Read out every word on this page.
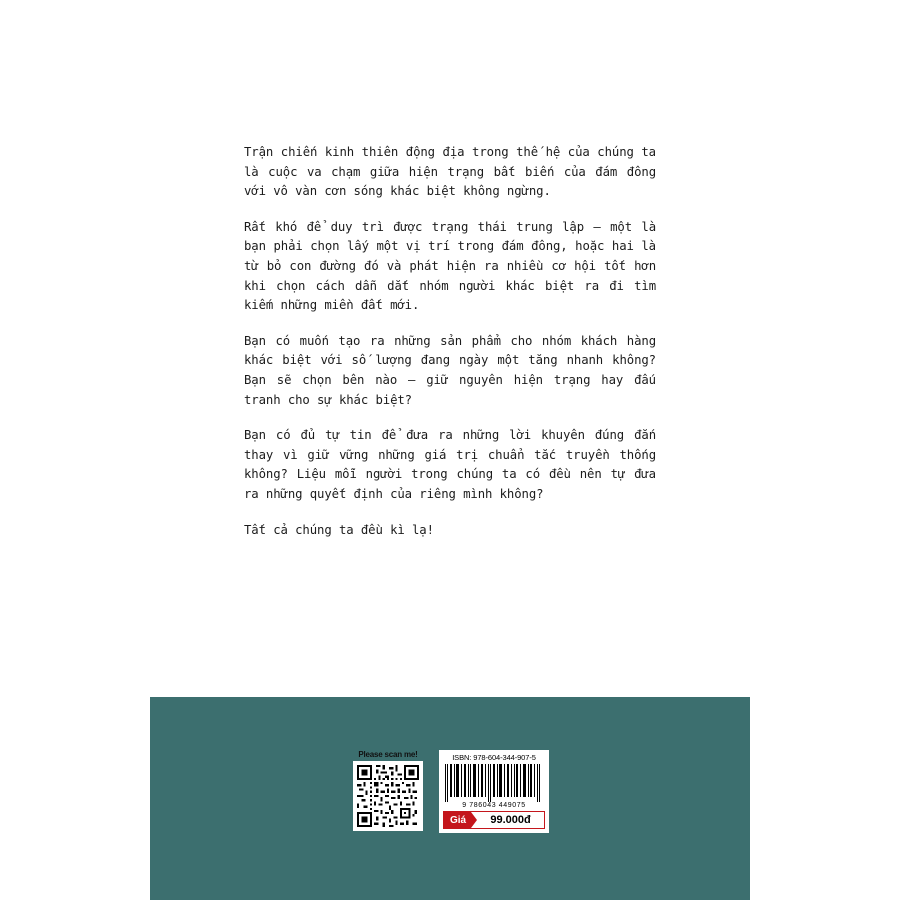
Trận chiến kinh thiên động địa trong thế hệ của chúng ta là cuộc va chạm giữa hiện trạng bất biến của đám đông với vô vàn cơn sóng khác biệt không ngừng.

Rất khó để duy trì được trạng thái trung lập – một là bạn phải chọn lấy một vị trí trong đám đông, hoặc hai là từ bỏ con đường đó và phát hiện ra nhiều cơ hội tốt hơn khi chọn cách dẫn dắt nhóm người khác biệt ra đi tìm kiếm những miền đất mới.

Bạn có muốn tạo ra những sản phẩm cho nhóm khách hàng khác biệt với số lượng đang ngày một tăng nhanh không? Bạn sẽ chọn bên nào – giữ nguyên hiện trạng hay đấu tranh cho sự khác biệt?

Bạn có đủ tự tin để đưa ra những lời khuyên đúng đắn thay vì giữ vững những giá trị chuẩn tắc truyền thống không? Liệu mỗi người trong chúng ta có đều nên tự đưa ra những quyết định của riêng mình không?

Tất cả chúng ta đều kì lạ!

Please scan me!	ISBN: 978-604-344-907-5
9 786043 449075
Giá	99.000đ
